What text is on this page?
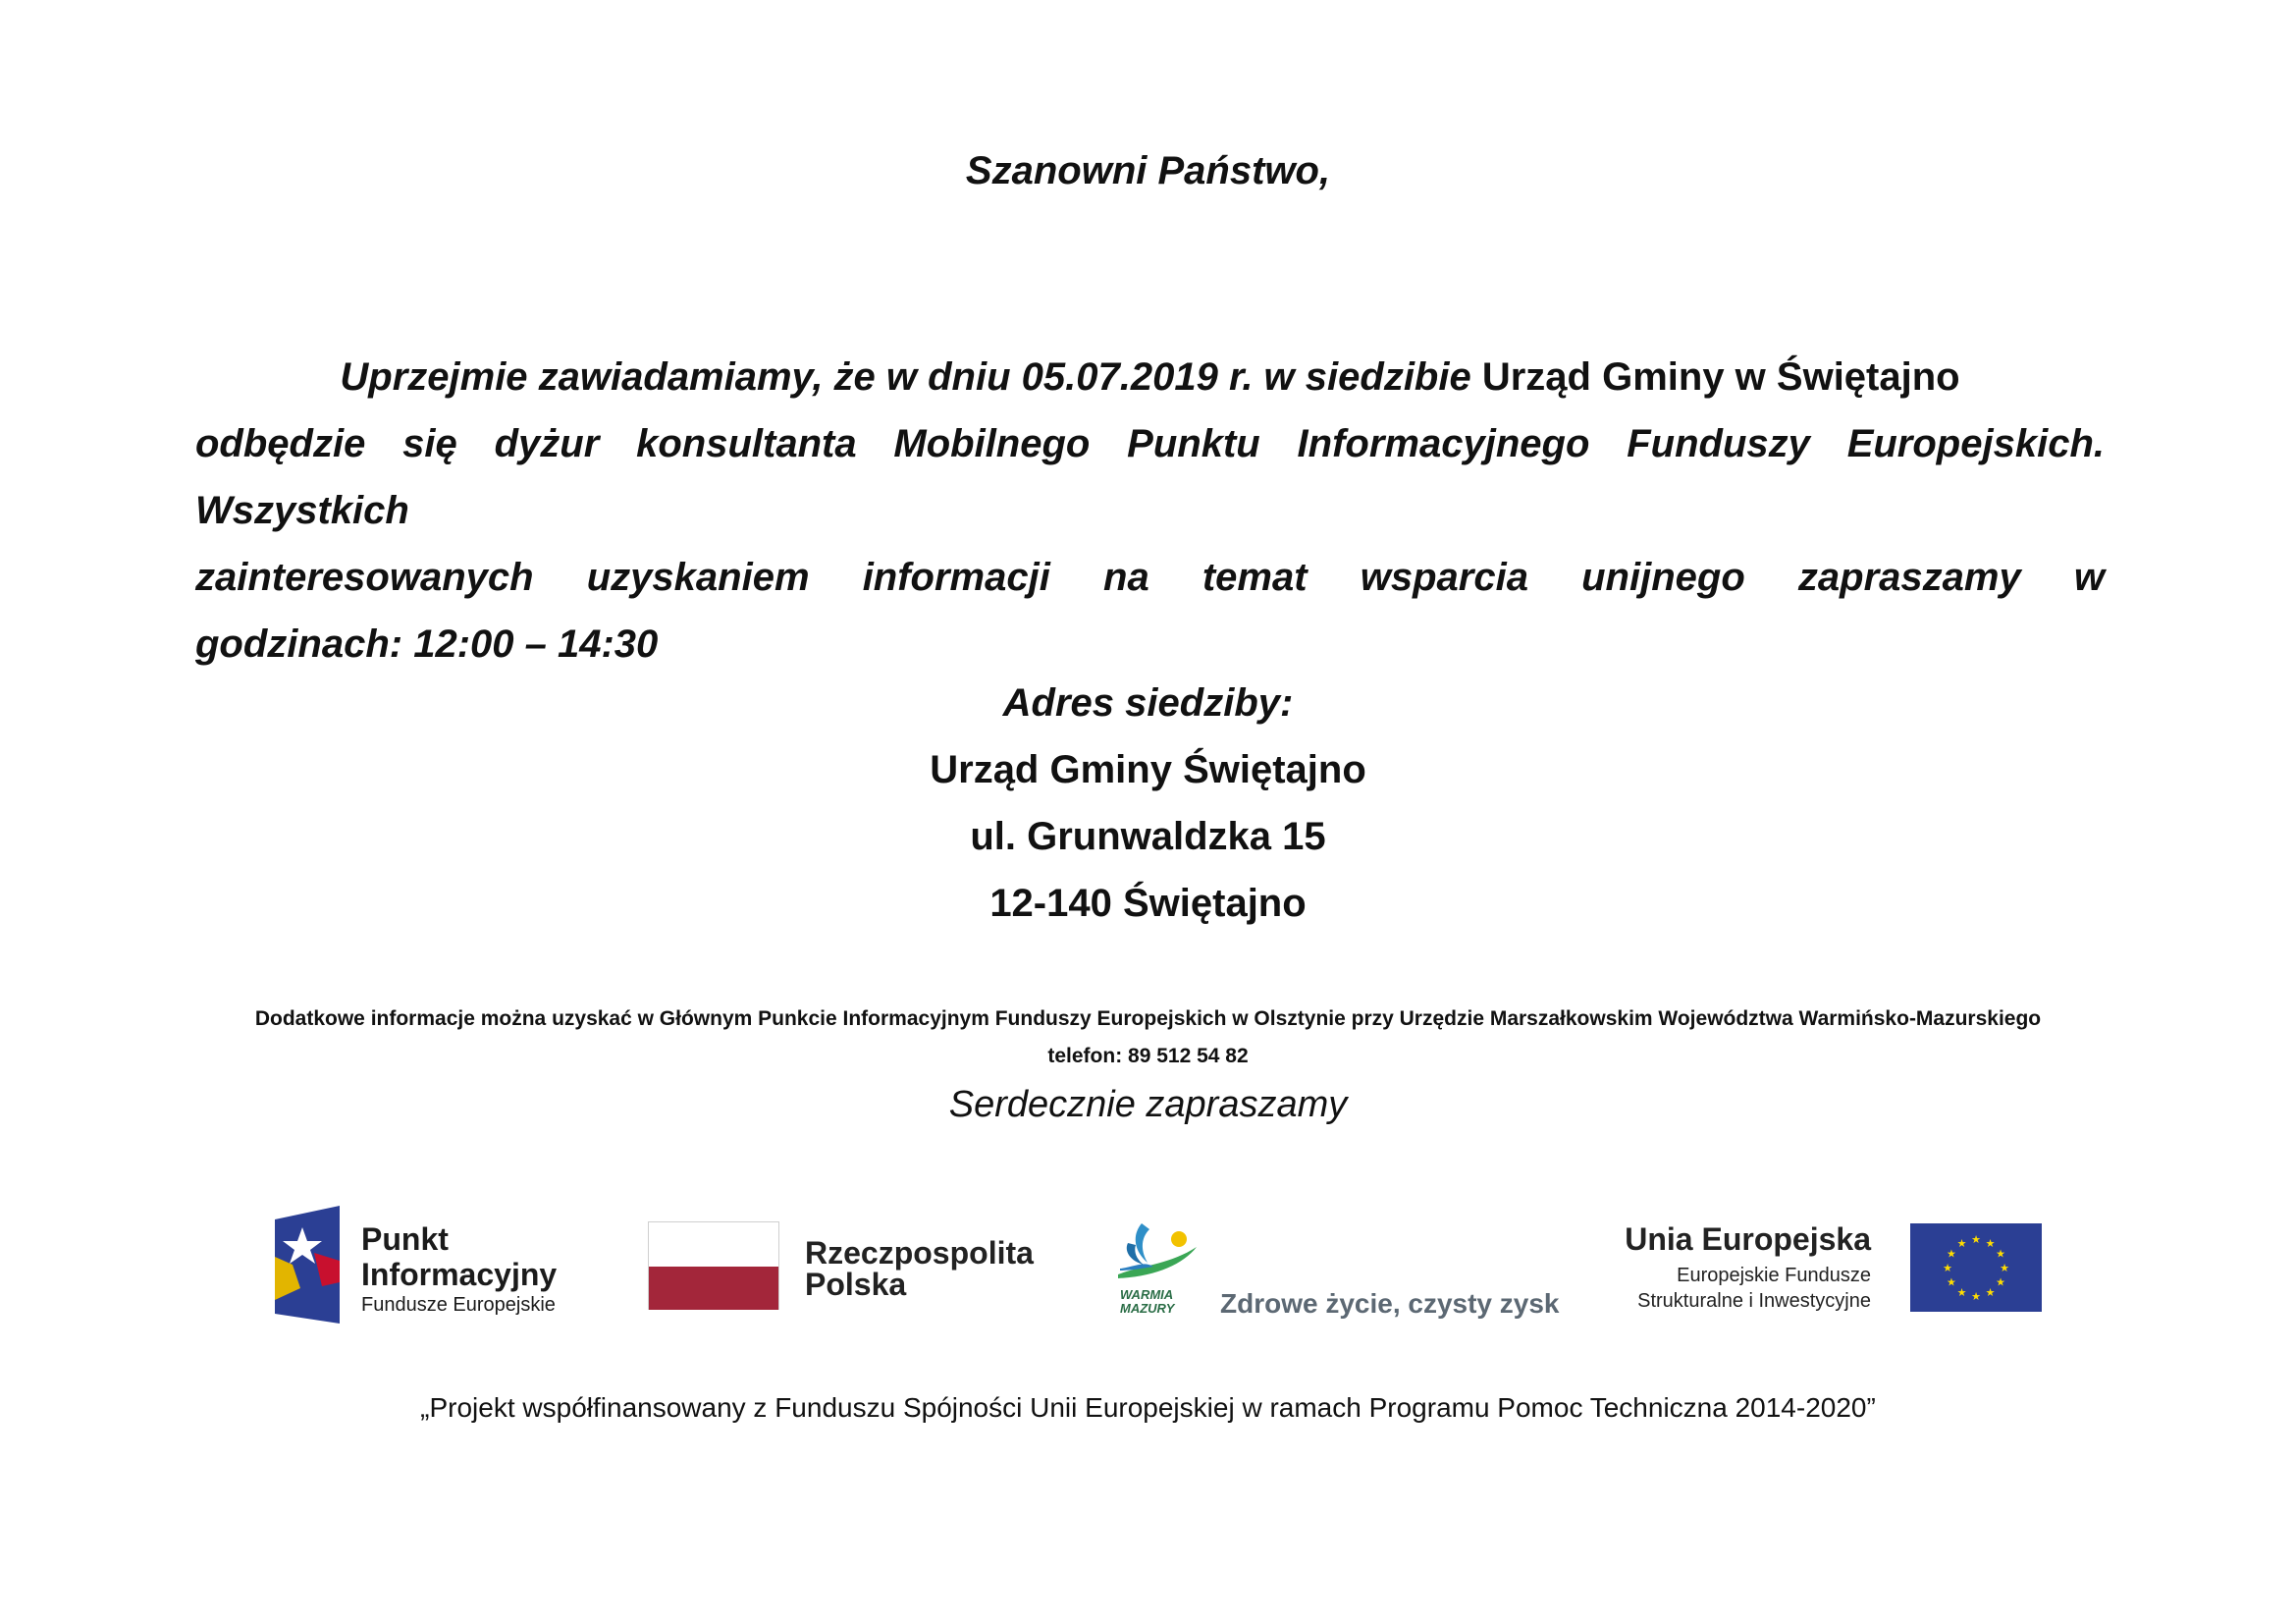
Szanowni Państwo,
Uprzejmie zawiadamiamy, że w dniu 05.07.2019 r. w siedzibie Urząd Gminy w Świętajno
odbędzie się dyżur konsultanta Mobilnego Punktu Informacyjnego Funduszy Europejskich. Wszystkich
zainteresowanych uzyskaniem informacji na temat wsparcia unijnego zapraszamy w
godzinach: 12:00 – 14:30
Adres siedziby:
Urząd Gminy Świętajno
ul. Grunwaldzka 15
12-140 Świętajno
Dodatkowe informacje można uzyskać w Głównym Punkcie Informacyjnym Funduszy Europejskich w Olsztynie przy Urzędzie Marszałkowskim Województwa Warmińsko-Mazurskiego
telefon: 89 512 54 82
Serdecznie zapraszamy
Punkt
Informacyjny
Fundusze Europejskie
Rzeczpospolita
Polska	WARMIA
MAZURY Zdrowe życie, czysty zysk
Unia Europejska
Europejskie Fundusze
Strukturalne i Inwestycyjne
★ ★
★
★
★
★
★
★
★
★
★
★
„Projekt współfinansowany z Funduszu Spójności Unii Europejskiej w ramach Programu Pomoc Techniczna 2014-2020”
